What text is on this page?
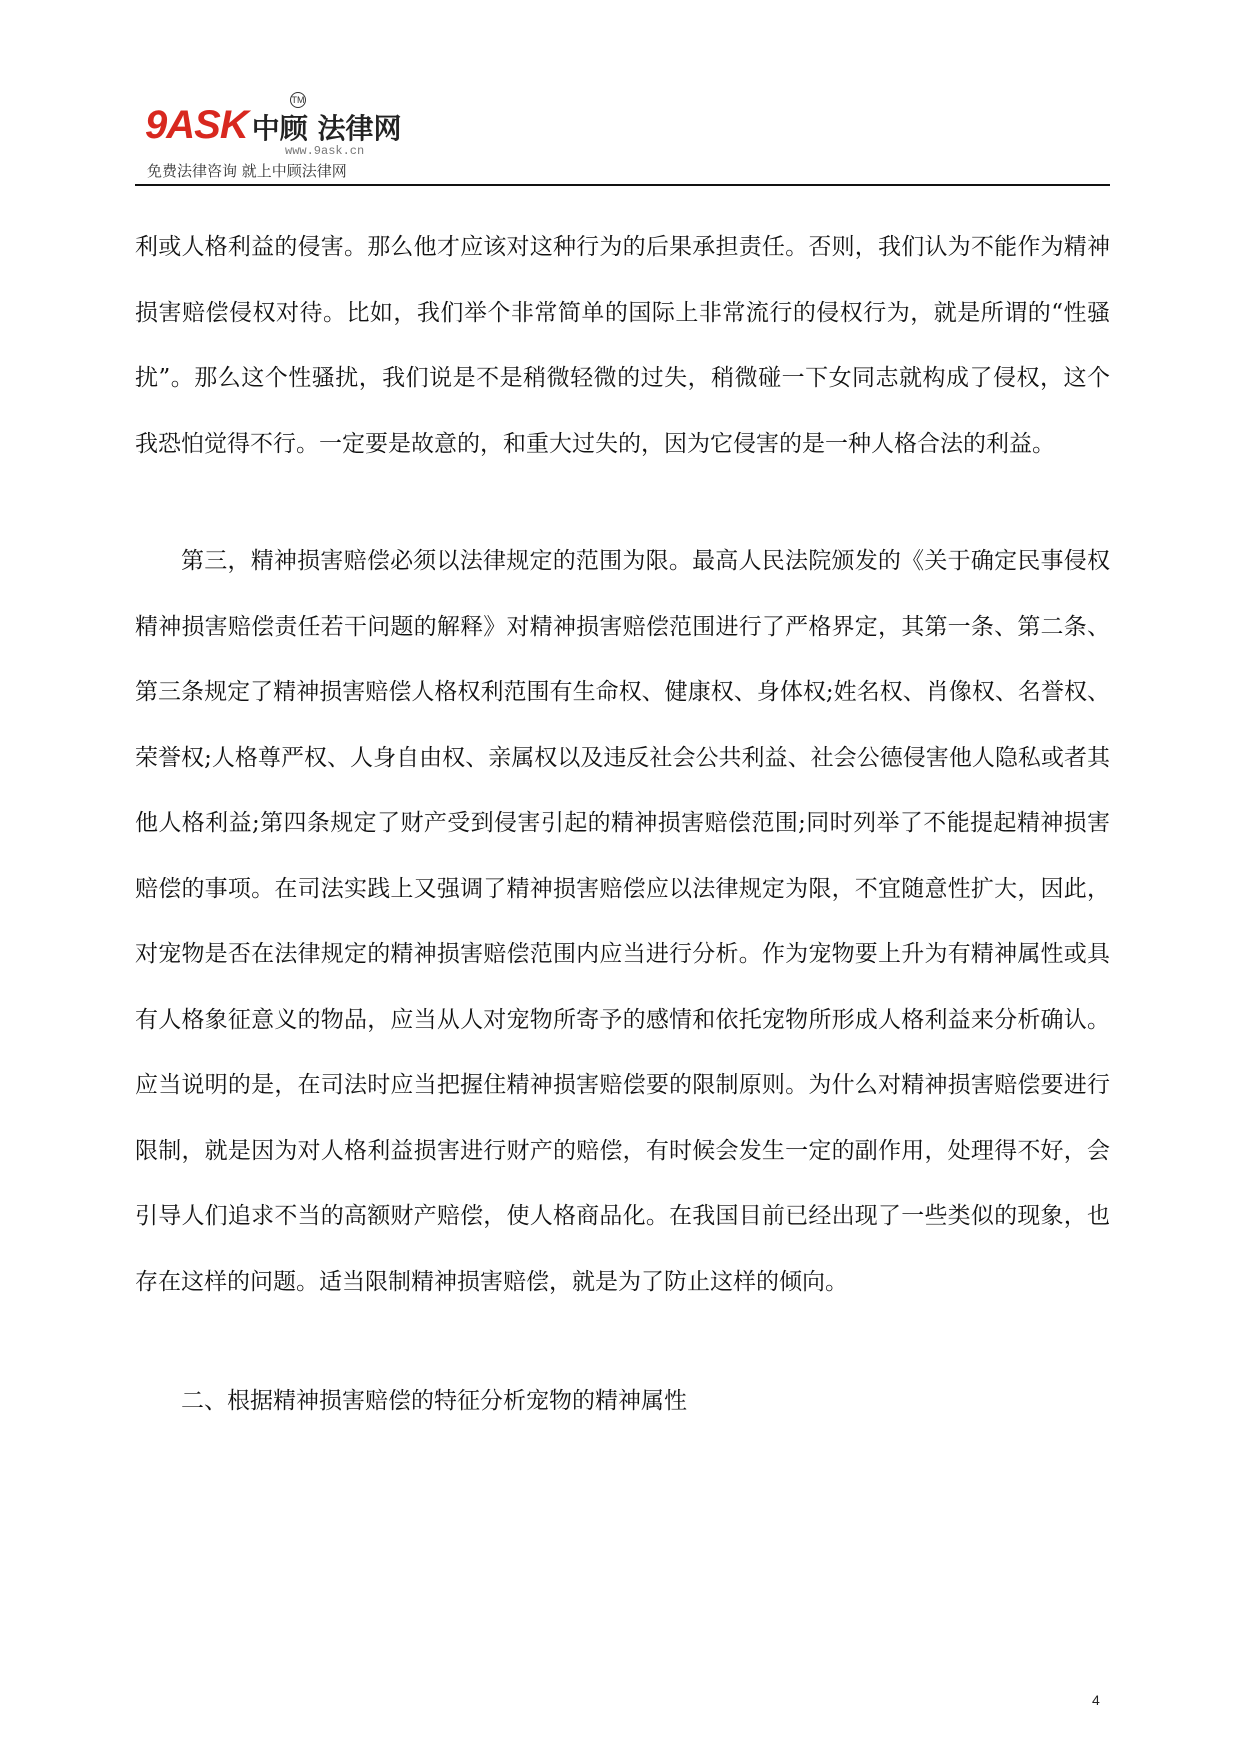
9ASK 中顾 法律网
TM
www.9ask.cn
免费法律咨询 就上中顾法律网

利或人格利益的侵害。那么他才应该对这种行为的后果承担责任。否则，我们认为不能作为精神损害赔偿侵权对待。比如，我们举个非常简单的国际上非常流行的侵权行为，就是所谓的“性骚扰”。那么这个性骚扰，我们说是不是稍微轻微的过失，稍微碰一下女同志就构成了侵权，这个我恐怕觉得不行。一定要是故意的，和重大过失的，因为它侵害的是一种人格合法的利益。

第三，精神损害赔偿必须以法律规定的范围为限。最高人民法院颁发的《关于确定民事侵权精神损害赔偿责任若干问题的解释》对精神损害赔偿范围进行了严格界定，其第一条、第二条、第三条规定了精神损害赔偿人格权利范围有生命权、健康权、身体权;姓名权、肖像权、名誉权、荣誉权;人格尊严权、人身自由权、亲属权以及违反社会公共利益、社会公德侵害他人隐私或者其他人格利益;第四条规定了财产受到侵害引起的精神损害赔偿范围;同时列举了不能提起精神损害赔偿的事项。在司法实践上又强调了精神损害赔偿应以法律规定为限，不宜随意性扩大，因此，对宠物是否在法律规定的精神损害赔偿范围内应当进行分析。作为宠物要上升为有精神属性或具有人格象征意义的物品，应当从人对宠物所寄予的感情和依托宠物所形成人格利益来分析确认。应当说明的是，在司法时应当把握住精神损害赔偿要的限制原则。为什么对精神损害赔偿要进行限制，就是因为对人格利益损害进行财产的赔偿，有时候会发生一定的副作用，处理得不好，会引导人们追求不当的高额财产赔偿，使人格商品化。在我国目前已经出现了一些类似的现象，也存在这样的问题。适当限制精神损害赔偿，就是为了防止这样的倾向。

二、根据精神损害赔偿的特征分析宠物的精神属性

4
